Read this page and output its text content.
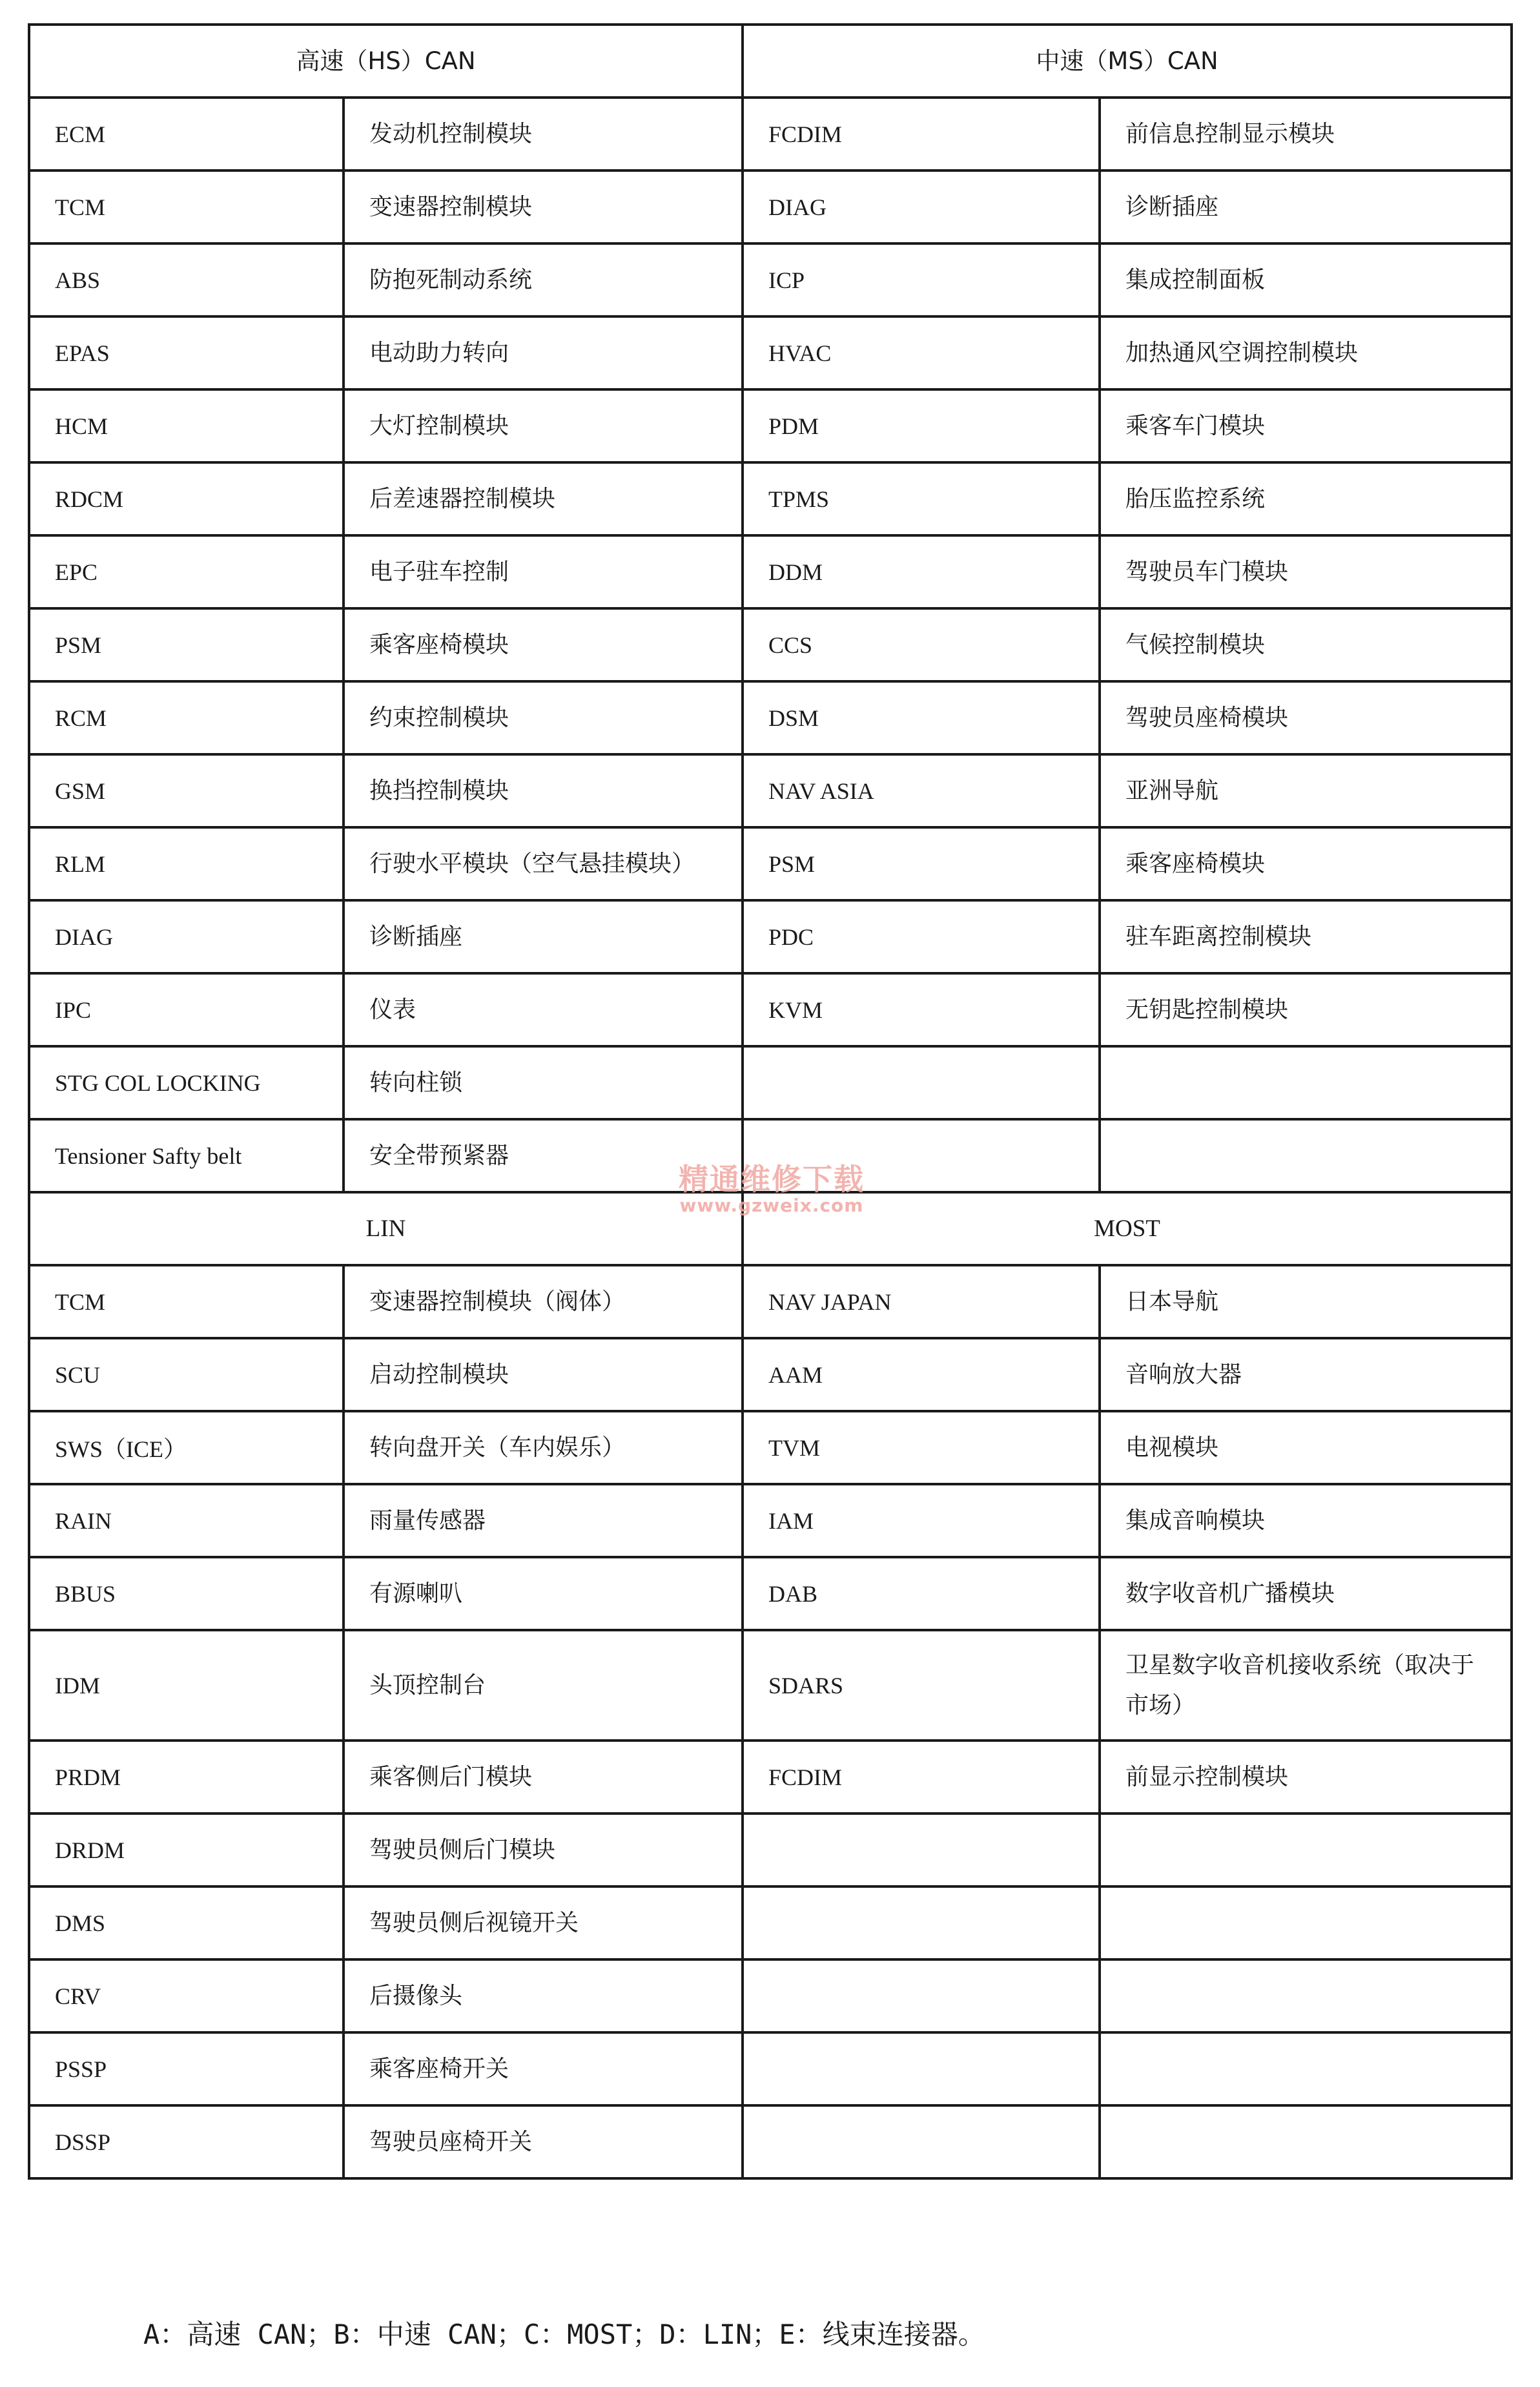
高速（HS）CAN		中速（MS）CAN	
ECM	发动机控制模块	FCDIM	前信息控制显示模块
TCM	变速器控制模块	DIAG	诊断插座
ABS	防抱死制动系统	ICP	集成控制面板
EPAS	电动助力转向	HVAC	加热通风空调控制模块
HCM	大灯控制模块	PDM	乘客车门模块
RDCM	后差速器控制模块	TPMS	胎压监控系统
EPC	电子驻车控制	DDM	驾驶员车门模块
PSM	乘客座椅模块	CCS	气候控制模块
RCM	约束控制模块	DSM	驾驶员座椅模块
GSM	换挡控制模块	NAV ASIA	亚洲导航
RLM	行驶水平模块（空气悬挂模块）	PSM	乘客座椅模块
DIAG	诊断插座	PDC	驻车距离控制模块
IPC	仪表	KVM	无钥匙控制模块
STG COL LOCKING	转向柱锁		
Tensioner Safty belt	安全带预紧器		
LIN		MOST	
TCM	变速器控制模块（阀体）	NAV JAPAN	日本导航
SCU	启动控制模块	AAM	音响放大器
SWS（ICE）	转向盘开关（车内娱乐）	TVM	电视模块
RAIN	雨量传感器	IAM	集成音响模块
BBUS	有源喇叭	DAB	数字收音机广播模块
IDM	头顶控制台	SDARS	卫星数字收音机接收系统（取决于市场）
PRDM	乘客侧后门模块	FCDIM	前显示控制模块
DRDM	驾驶员侧后门模块		
DMS	驾驶员侧后视镜开关		
CRV	后摄像头		
PSSP	乘客座椅开关		
DSSP	驾驶员座椅开关		
精通维修下载
www.gzweix.com
A：高速 CAN；B：中速 CAN；C：MOST；D：LIN；E：线束连接器。
